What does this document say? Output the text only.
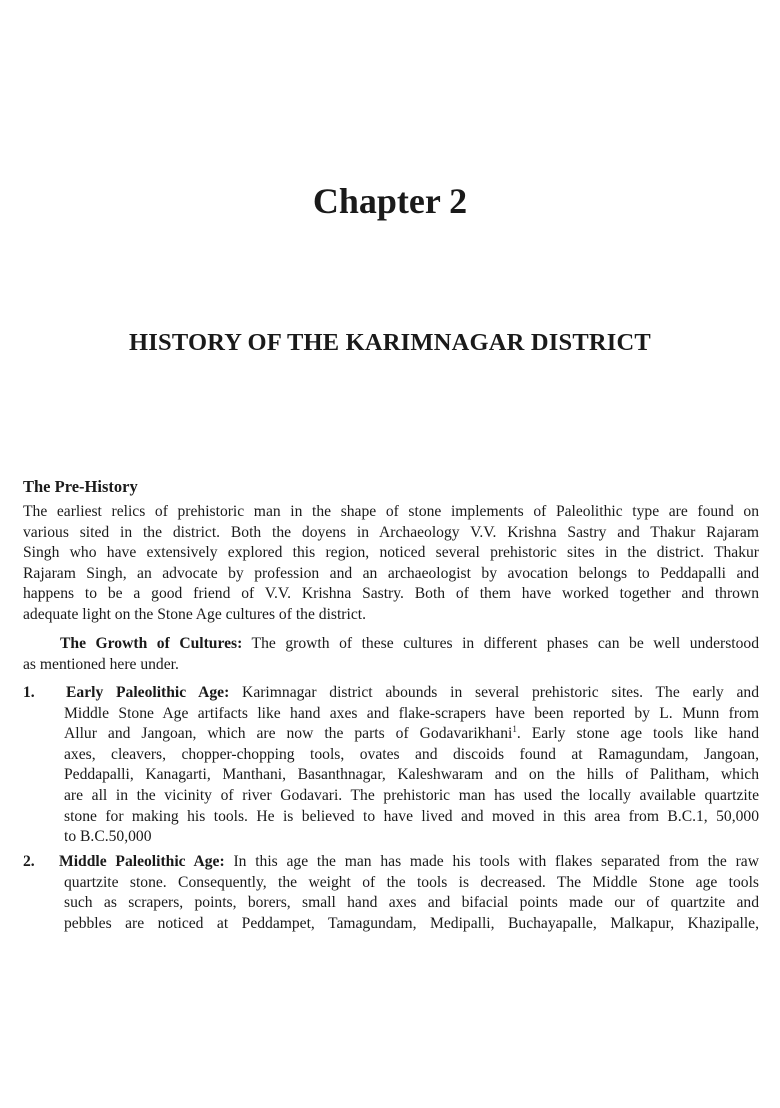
Chapter 2
HISTORY OF THE KARIMNAGAR DISTRICT
The Pre-History
The earliest relics of prehistoric man in the shape of stone implements of Paleolithic type are found on
various sited in the district. Both the doyens in Archaeology V.V. Krishna Sastry and Thakur Rajaram
Singh who have extensively explored this region, noticed several prehistoric sites in the district. Thakur
Rajaram Singh, an advocate by profession and an archaeologist by avocation belongs to Peddapalli and
happens to be a good friend of V.V. Krishna Sastry. Both of them have worked together and thrown
adequate light on the Stone Age cultures of the district.
The Growth of Cultures: The growth of these cultures in different phases can be well understood
as mentioned here under.
1. Early Paleolithic Age: Karimnagar district abounds in several prehistoric sites. The early and
Middle Stone Age artifacts like hand axes and flake-scrapers have been reported by L. Munn from
Allur and Jangoan, which are now the parts of Godavarikhani$^1$. Early stone age tools like hand
axes, cleavers, chopper-chopping tools, ovates and discoids found at Ramagundam, Jangoan,
Peddapalli, Kanagarti, Manthani, Basanthnagar, Kaleshwaram and on the hills of Palitham, which
are all in the vicinity of river Godavari. The prehistoric man has used the locally available quartzite
stone for making his tools. He is believed to have lived and moved in this area from B.C.1, 50,000
to B.C.50,000
2. Middle Paleolithic Age: In this age the man has made his tools with flakes separated from the raw
quartzite stone. Consequently, the weight of the tools is decreased. The Middle Stone age tools
such as scrapers, points, borers, small hand axes and bifacial points made our of quartzite and
pebbles are noticed at Peddampet, Tamagundam, Medipalli, Buchayapalle, Malkapur, Khazipalle,
